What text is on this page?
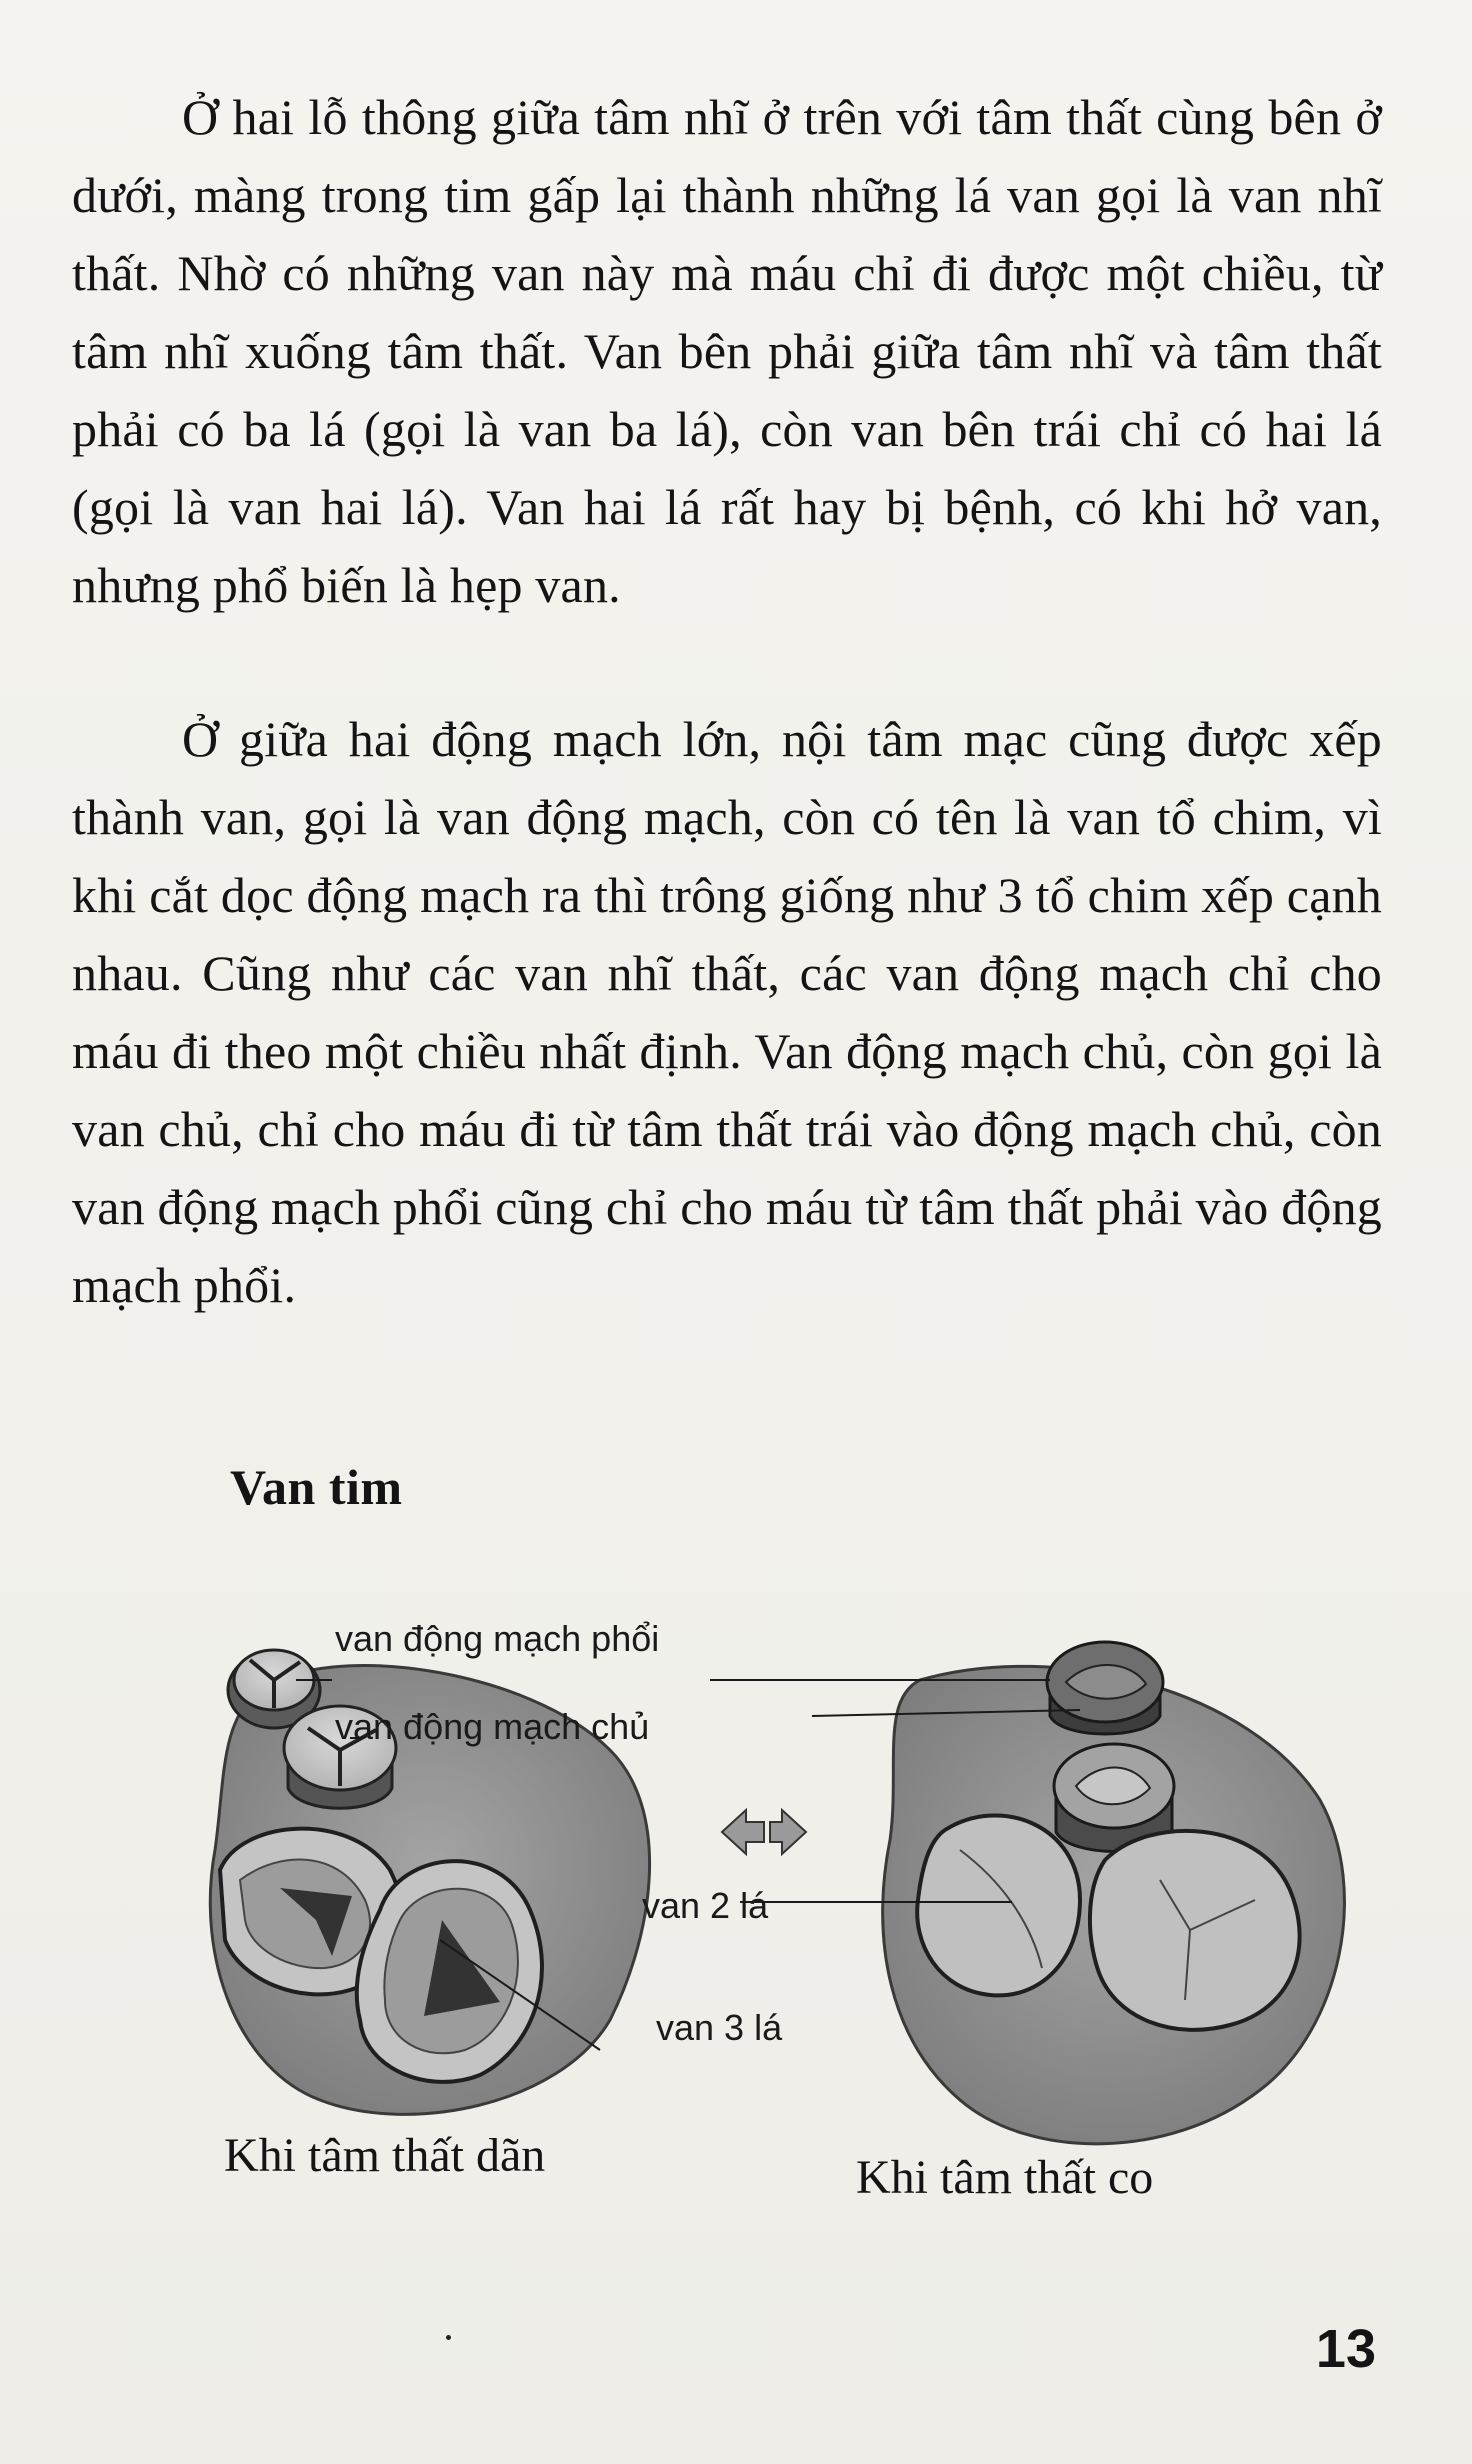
Ở hai lỗ thông giữa tâm nhĩ ở trên với tâm thất cùng bên ở dưới, màng trong tim gấp lại thành những lá van gọi là van nhĩ thất. Nhờ có những van này mà máu chỉ đi được một chiều, từ tâm nhĩ xuống tâm thất. Van bên phải giữa tâm nhĩ và tâm thất phải có ba lá (gọi là van ba lá), còn van bên trái chỉ có hai lá (gọi là van hai lá). Van hai lá rất hay bị bệnh, có khi hở van, nhưng phổ biến là hẹp van.

Ở giữa hai động mạch lớn, nội tâm mạc cũng được xếp thành van, gọi là van động mạch, còn có tên là van tổ chim, vì khi cắt dọc động mạch ra thì trông giống như 3 tổ chim xếp cạnh nhau. Cũng như các van nhĩ thất, các van động mạch chỉ cho máu đi theo một chiều nhất định. Van động mạch chủ, còn gọi là van chủ, chỉ cho máu đi từ tâm thất trái vào động mạch chủ, còn van động mạch phổi cũng chỉ cho máu từ tâm thất phải vào động mạch phổi.

Van tim
van động mạch phổi
van động mạch chủ
van 2 lá
van 3 lá
Khi tâm thất dãn	Khi tâm thất co
13
